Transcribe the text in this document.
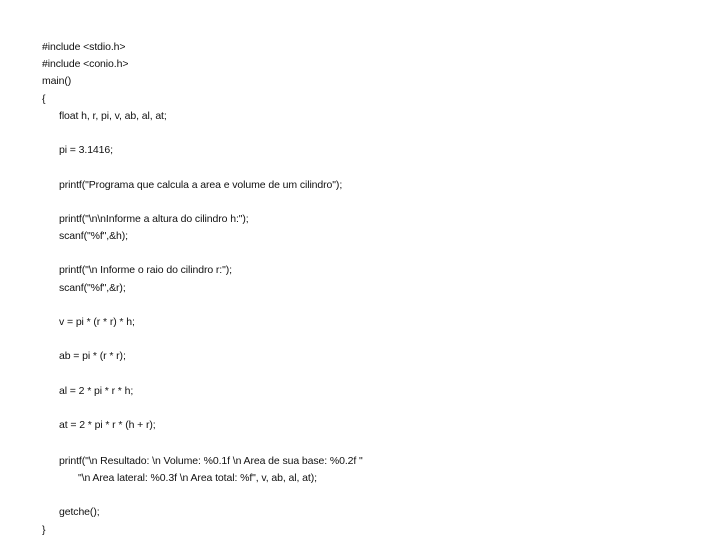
#include <stdio.h>
#include <conio.h>
main()
{
float h, r, pi, v, ab, al, at;
pi = 3.1416;
printf("Programa que calcula a area e volume de um cilindro");
printf("\n\nInforme a altura do cilindro h:");
scanf("%f",&h);
printf("\n Informe o raio do cilindro r:");
scanf("%f",&r);
v = pi * (r * r) * h;
ab = pi * (r * r);
al = 2 * pi * r * h;
at = 2 * pi * r * (h + r);
printf("\n Resultado: \n Volume: %0.1f \n Area de sua base: %0.2f "
"\n Area lateral: %0.3f \n Area total: %f", v, ab, al, at);
getche();
}
